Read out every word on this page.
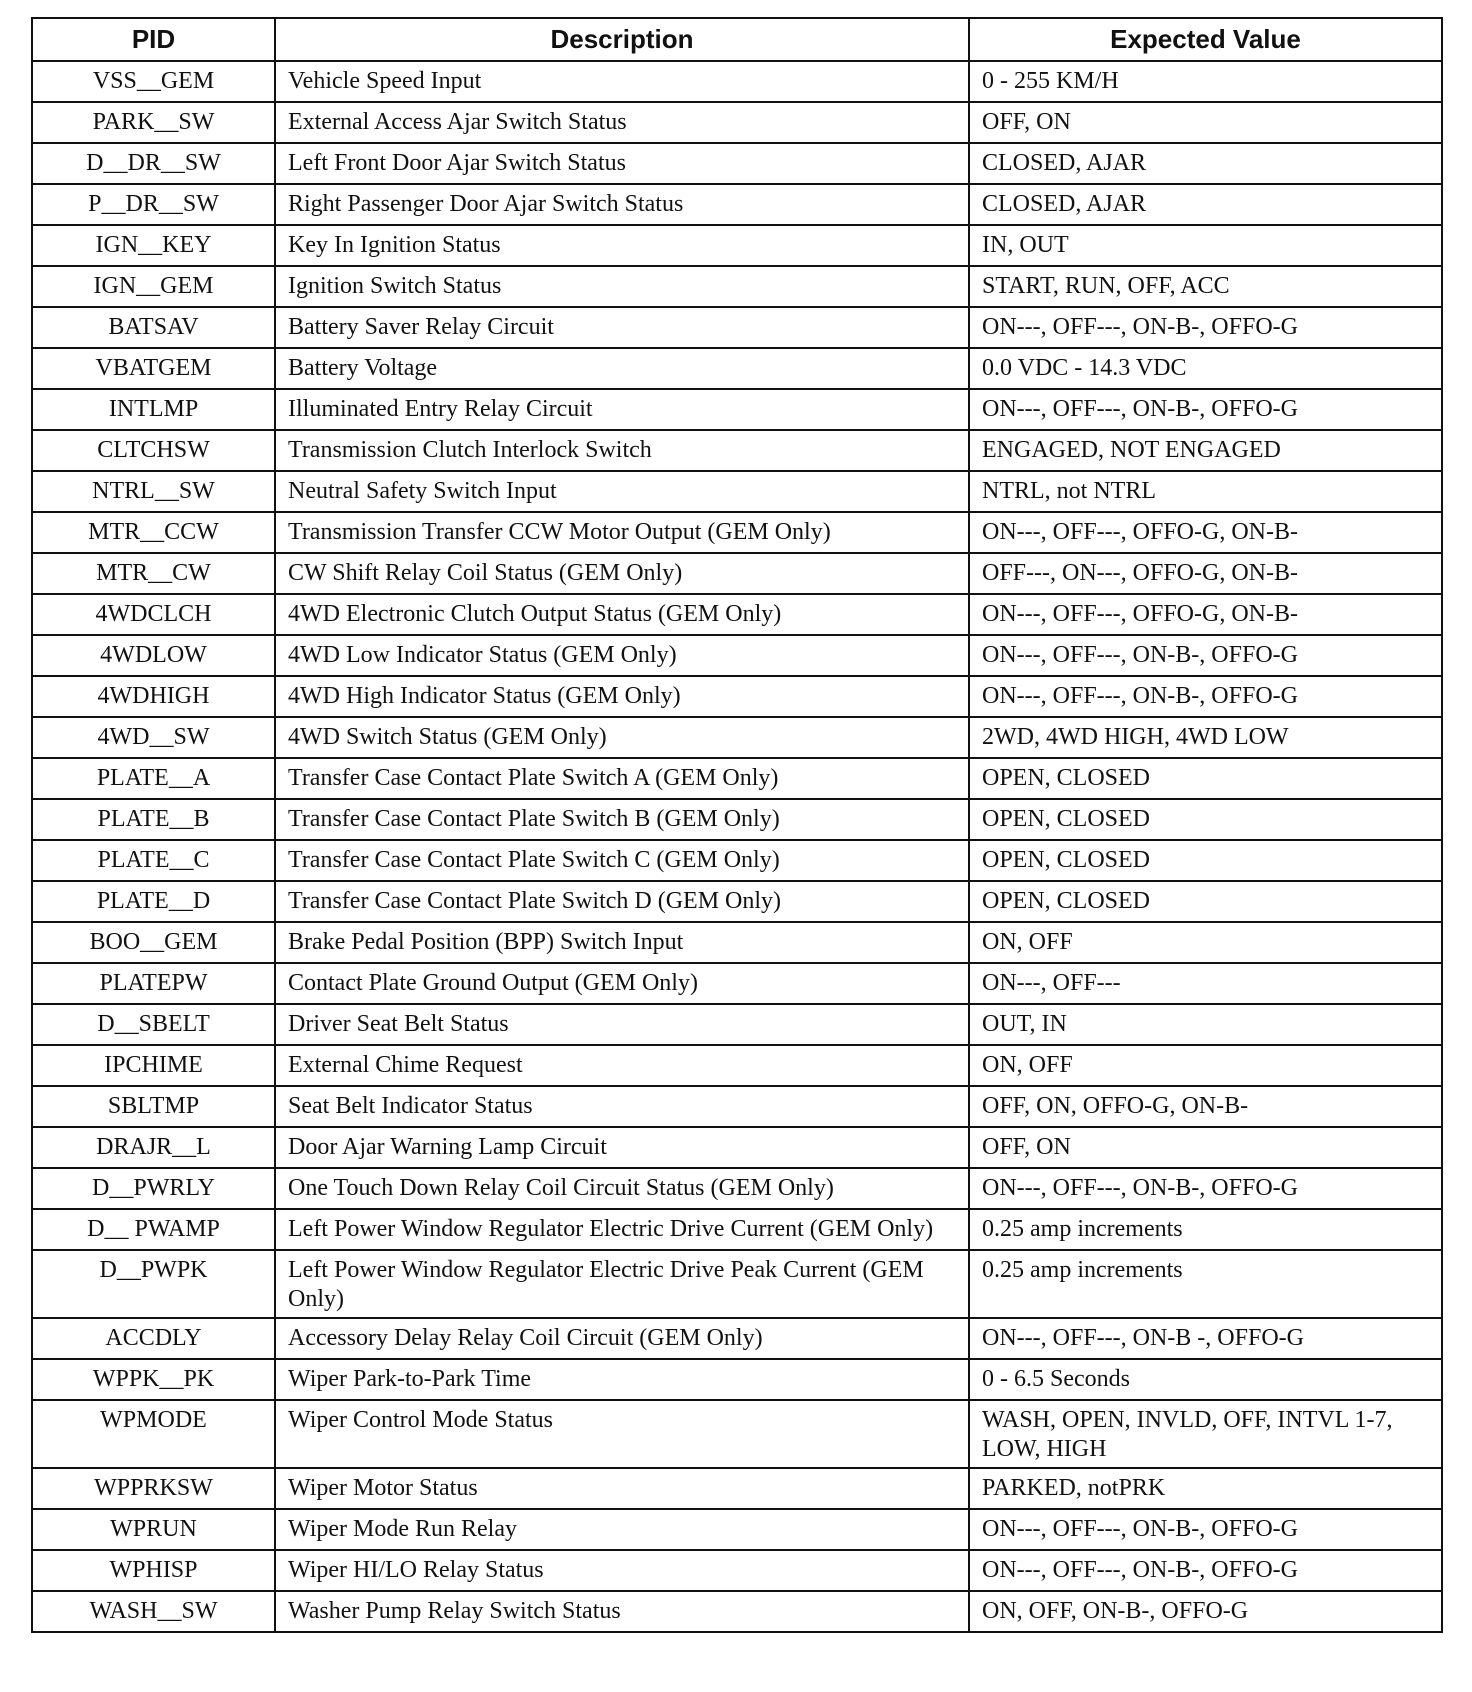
PID	Description	Expected Value
VSS__GEM	Vehicle Speed Input	0 - 255 KM/H
PARK__SW	External Access Ajar Switch Status	OFF, ON
D__DR__SW	Left Front Door Ajar Switch Status	CLOSED, AJAR
P__DR__SW	Right Passenger Door Ajar Switch Status	CLOSED, AJAR
IGN__KEY	Key In Ignition Status	IN, OUT
IGN__GEM	Ignition Switch Status	START, RUN, OFF, ACC
BATSAV	Battery Saver Relay Circuit	ON---, OFF---, ON-B-, OFFO-G
VBATGEM	Battery Voltage	0.0 VDC - 14.3 VDC
INTLMP	Illuminated Entry Relay Circuit	ON---, OFF---, ON-B-, OFFO-G
CLTCHSW	Transmission Clutch Interlock Switch	ENGAGED, NOT ENGAGED
NTRL__SW	Neutral Safety Switch Input	NTRL, not NTRL
MTR__CCW	Transmission Transfer CCW Motor Output (GEM Only)	ON---, OFF---, OFFO-G, ON-B-
MTR__CW	CW Shift Relay Coil Status (GEM Only)	OFF---, ON---, OFFO-G, ON-B-
4WDCLCH	4WD Electronic Clutch Output Status (GEM Only)	ON---, OFF---, OFFO-G, ON-B-
4WDLOW	4WD Low Indicator Status (GEM Only)	ON---, OFF---, ON-B-, OFFO-G
4WDHIGH	4WD High Indicator Status (GEM Only)	ON---, OFF---, ON-B-, OFFO-G
4WD__SW	4WD Switch Status (GEM Only)	2WD, 4WD HIGH, 4WD LOW
PLATE__A	Transfer Case Contact Plate Switch A (GEM Only)	OPEN, CLOSED
PLATE__B	Transfer Case Contact Plate Switch B (GEM Only)	OPEN, CLOSED
PLATE__C	Transfer Case Contact Plate Switch C (GEM Only)	OPEN, CLOSED
PLATE__D	Transfer Case Contact Plate Switch D (GEM Only)	OPEN, CLOSED
BOO__GEM	Brake Pedal Position (BPP) Switch Input	ON, OFF
PLATEPW	Contact Plate Ground Output (GEM Only)	ON---, OFF---
D__SBELT	Driver Seat Belt Status	OUT, IN
IPCHIME	External Chime Request	ON, OFF
SBLTMP	Seat Belt Indicator Status	OFF, ON, OFFO-G, ON-B-
DRAJR__L	Door Ajar Warning Lamp Circuit	OFF, ON
D__PWRLY	One Touch Down Relay Coil Circuit Status (GEM Only)	ON---, OFF---, ON-B-, OFFO-G
D__ PWAMP	Left Power Window Regulator Electric Drive Current (GEM Only)	0.25 amp increments
D__PWPK	Left Power Window Regulator Electric Drive Peak Current (GEM Only)	0.25 amp increments
ACCDLY	Accessory Delay Relay Coil Circuit (GEM Only)	ON---, OFF---, ON-B -, OFFO-G
WPPK__PK	Wiper Park-to-Park Time	0 - 6.5 Seconds
WPMODE	Wiper Control Mode Status	WASH, OPEN, INVLD, OFF, INTVL 1-7, LOW, HIGH
WPPRKSW	Wiper Motor Status	PARKED, notPRK
WPRUN	Wiper Mode Run Relay	ON---, OFF---, ON-B-, OFFO-G
WPHISP	Wiper HI/LO Relay Status	ON---, OFF---, ON-B-, OFFO-G
WASH__SW	Washer Pump Relay Switch Status	ON, OFF, ON-B-, OFFO-G
